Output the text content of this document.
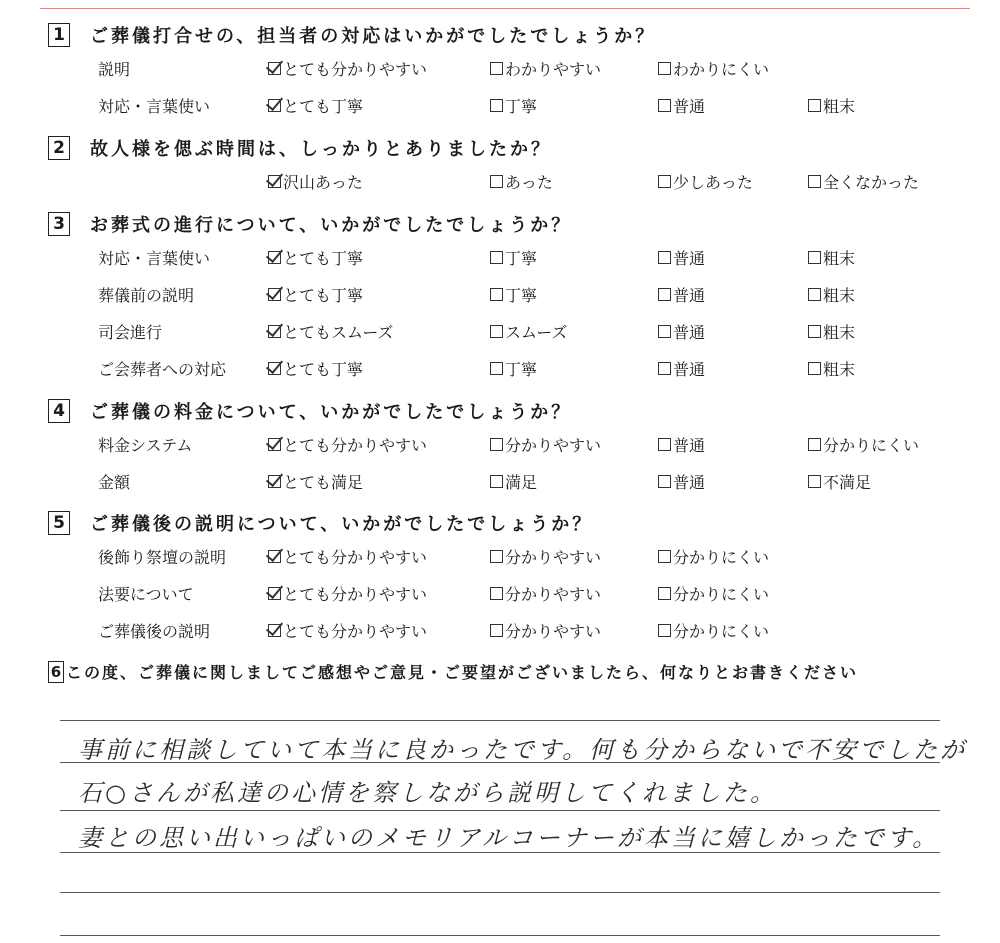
1 ご葬儀打合せの、担当者の対応はいかがでしたでしょうか？
説明	とても分かりやすい	わかりやすい	わかりにくい
対応・言葉使い	とても丁寧	丁寧	普通	粗末
2 故人様を偲ぶ時間は、しっかりとありましたか？
沢山あった	あった	少しあった	全くなかった
3 お葬式の進行について、いかがでしたでしょうか？
対応・言葉使い	とても丁寧	丁寧	普通	粗末
葬儀前の説明	とても丁寧	丁寧	普通	粗末
司会進行	とてもスムーズ	スムーズ	普通	粗末
ご会葬者への対応	とても丁寧	丁寧	普通	粗末
4 ご葬儀の料金について、いかがでしたでしょうか？
料金システム	とても分かりやすい	分かりやすい	普通	分かりにくい
金額	とても満足	満足	普通	不満足
5 ご葬儀後の説明について、いかがでしたでしょうか？
後飾り祭壇の説明	とても分かりやすい	分かりやすい	分かりにくい
法要について	とても分かりやすい	分かりやすい	分かりにくい
ご葬儀後の説明	とても分かりやすい	分かりやすい	分かりにくい
6 この度、ご葬儀に関しましてご感想やご意見・ご要望がございましたら、何なりとお書きください
事前に相談していて本当に良かったです。何も分からないで不安でしたが
石○さんが私達の心情を察しながら説明してくれました。
妻との思い出いっぱいのメモリアルコーナーが本当に嬉しかったです。
